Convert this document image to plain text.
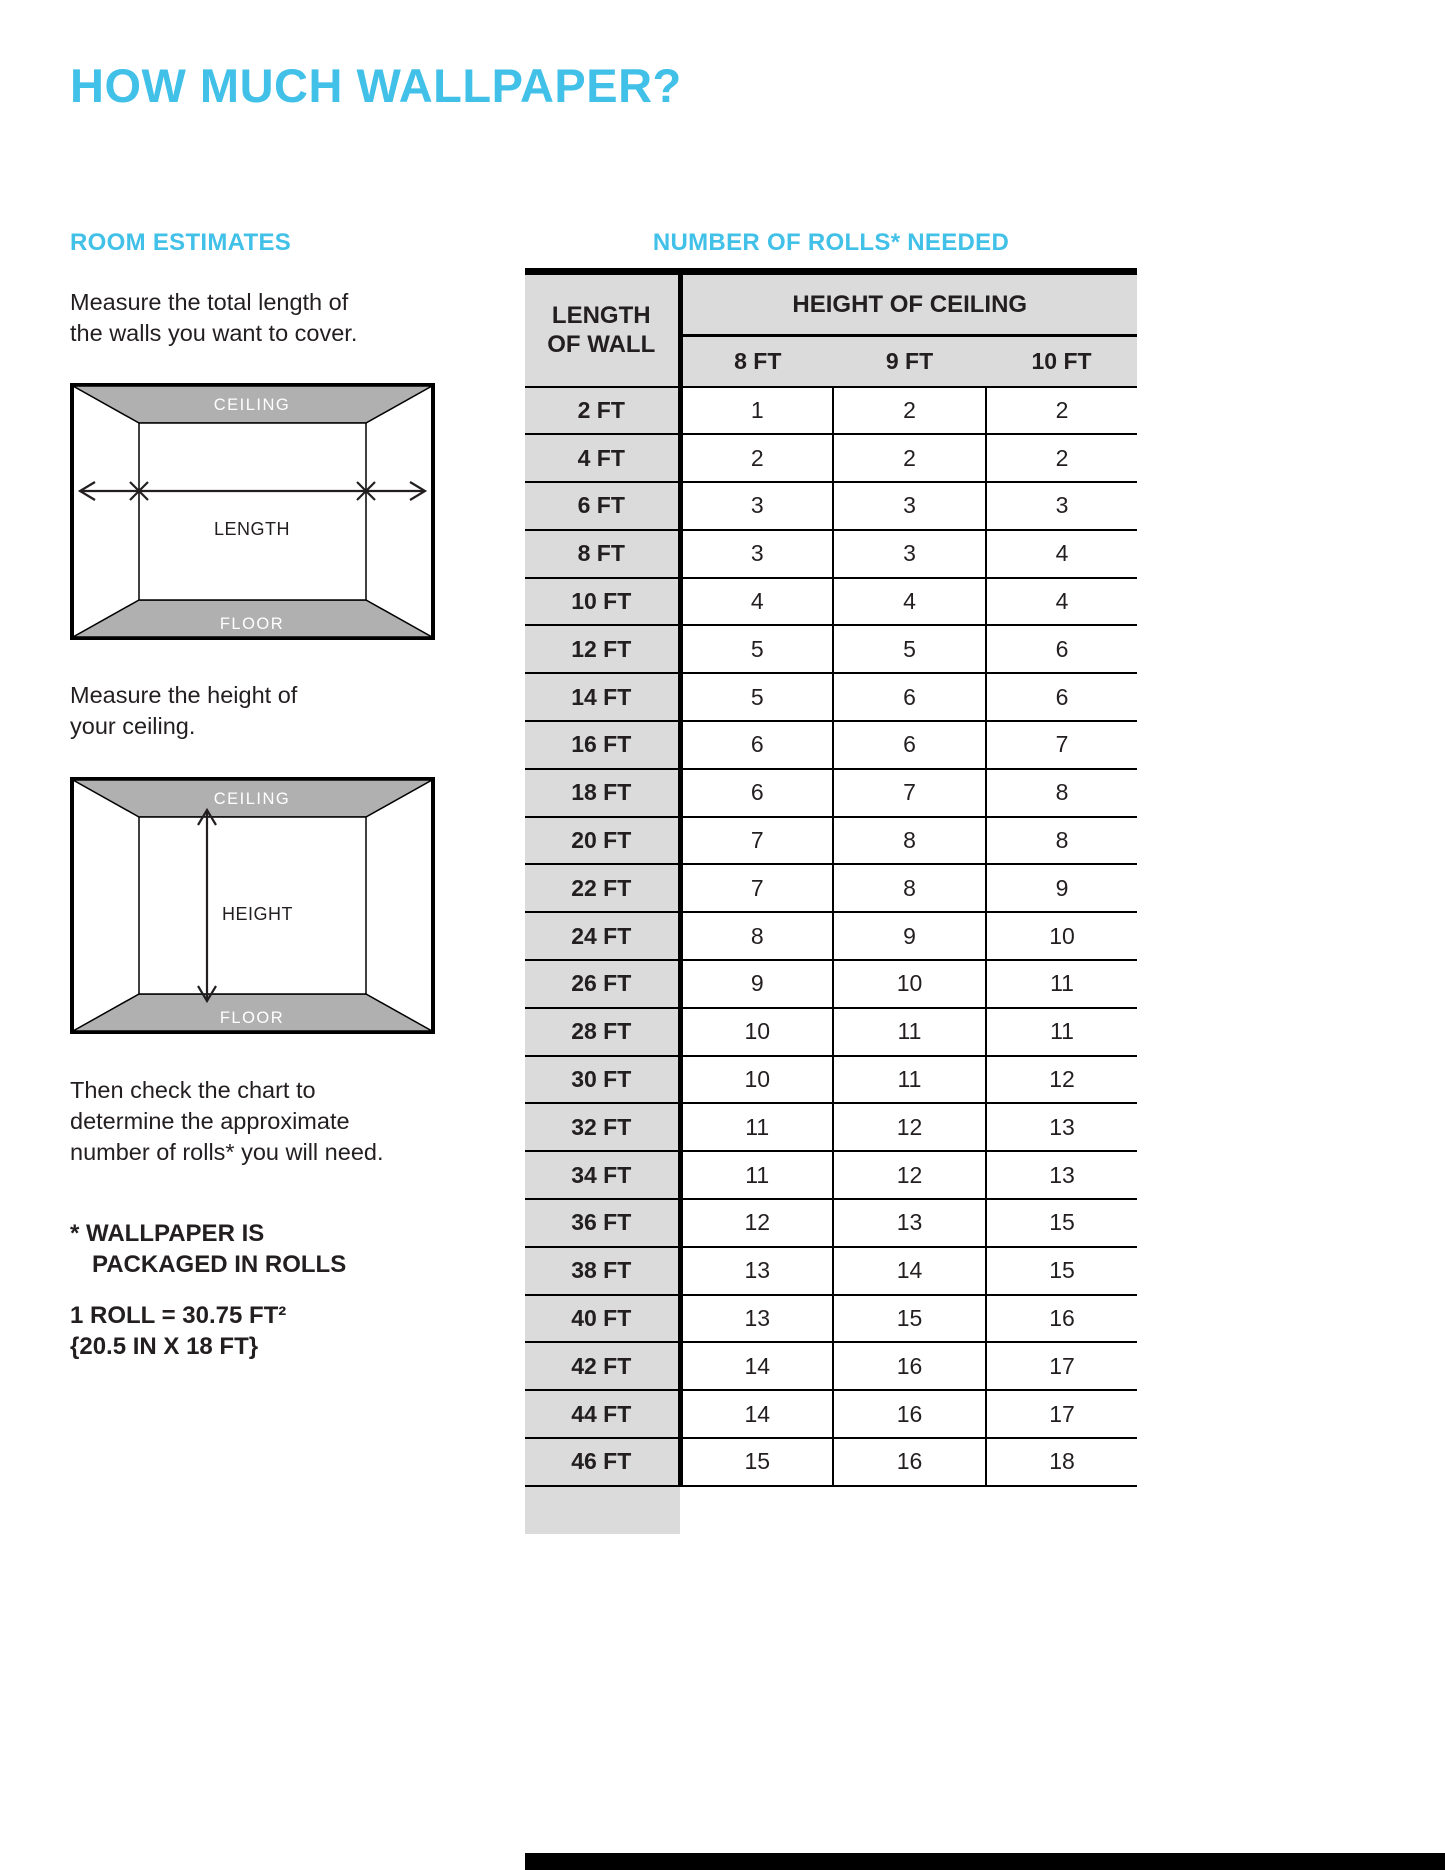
HOW MUCH WALLPAPER?
ROOM ESTIMATES
Measure the total length of
the walls you want to cover.
CEILING
FLOOR
LENGTH
Measure the height of
your ceiling.
CEILING
FLOOR
HEIGHT
Then check the chart to
determine the approximate
number of rolls* you will need.
* WALLPAPER IS
PACKAGED IN ROLLS
1 ROLL = 30.75 FT²
{20.5 IN X 18 FT}
NUMBER OF ROLLS* NEEDED
LENGTH
OF WALL	HEIGHT OF CEILING		
	8 FT	9 FT	10 FT
2 FT	1	2	2
4 FT	2	2	2
6 FT	3	3	3
8 FT	3	3	4
10 FT	4	4	4
12 FT	5	5	6
14 FT	5	6	6
16 FT	6	6	7
18 FT	6	7	8
20 FT	7	8	8
22 FT	7	8	9
24 FT	8	9	10
26 FT	9	10	11
28 FT	10	11	11
30 FT	10	11	12
32 FT	11	12	13
34 FT	11	12	13
36 FT	12	13	15
38 FT	13	14	15
40 FT	13	15	16
42 FT	14	16	17
44 FT	14	16	17
46 FT	15	16	18
